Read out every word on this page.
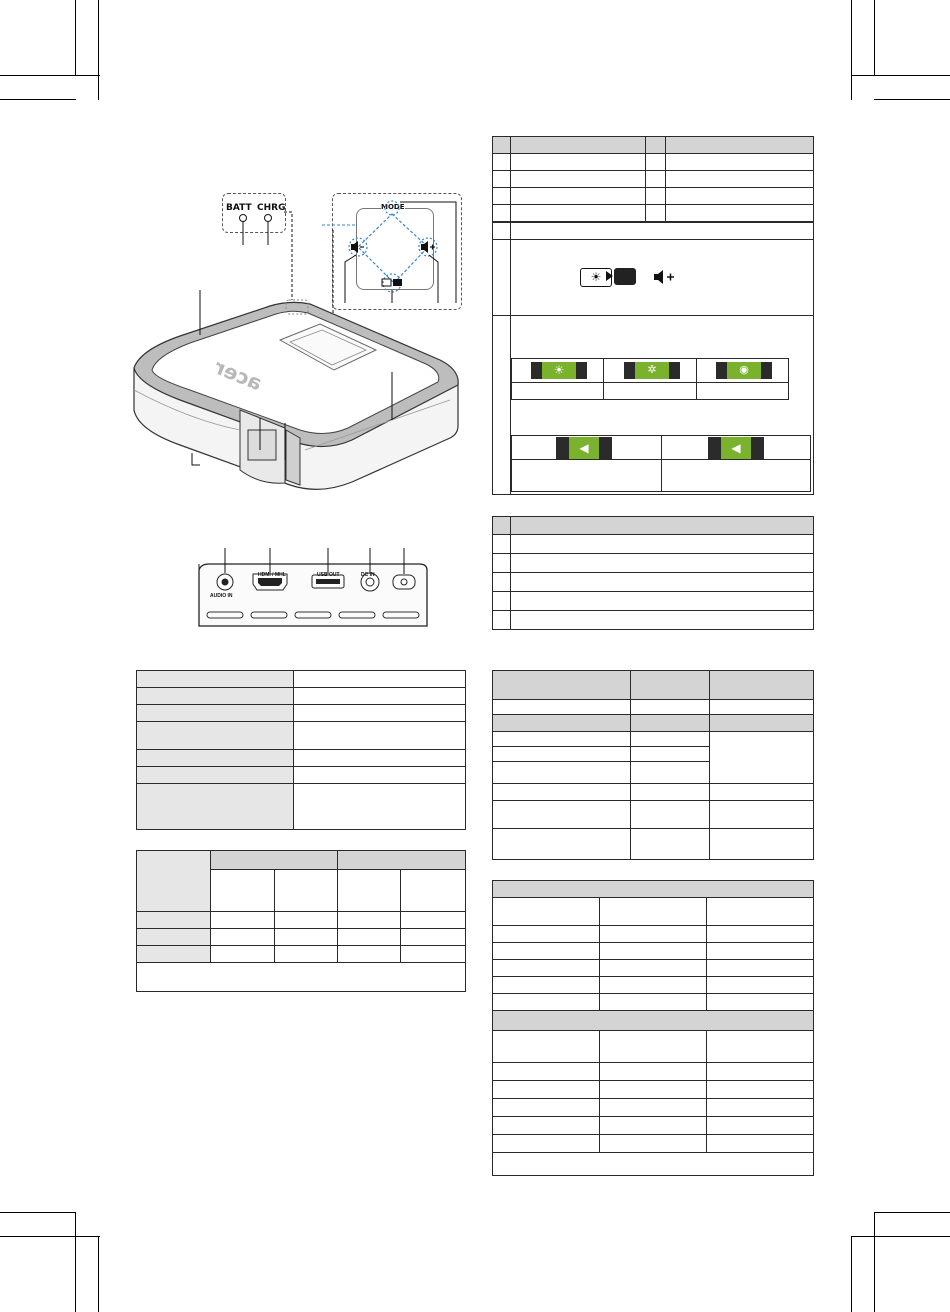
BATT CHRG	MODE
acer
AUDIO IN
HDMI / MHL	USB OUT	DC IN

☀

☀	✲	◉

◀	◀
